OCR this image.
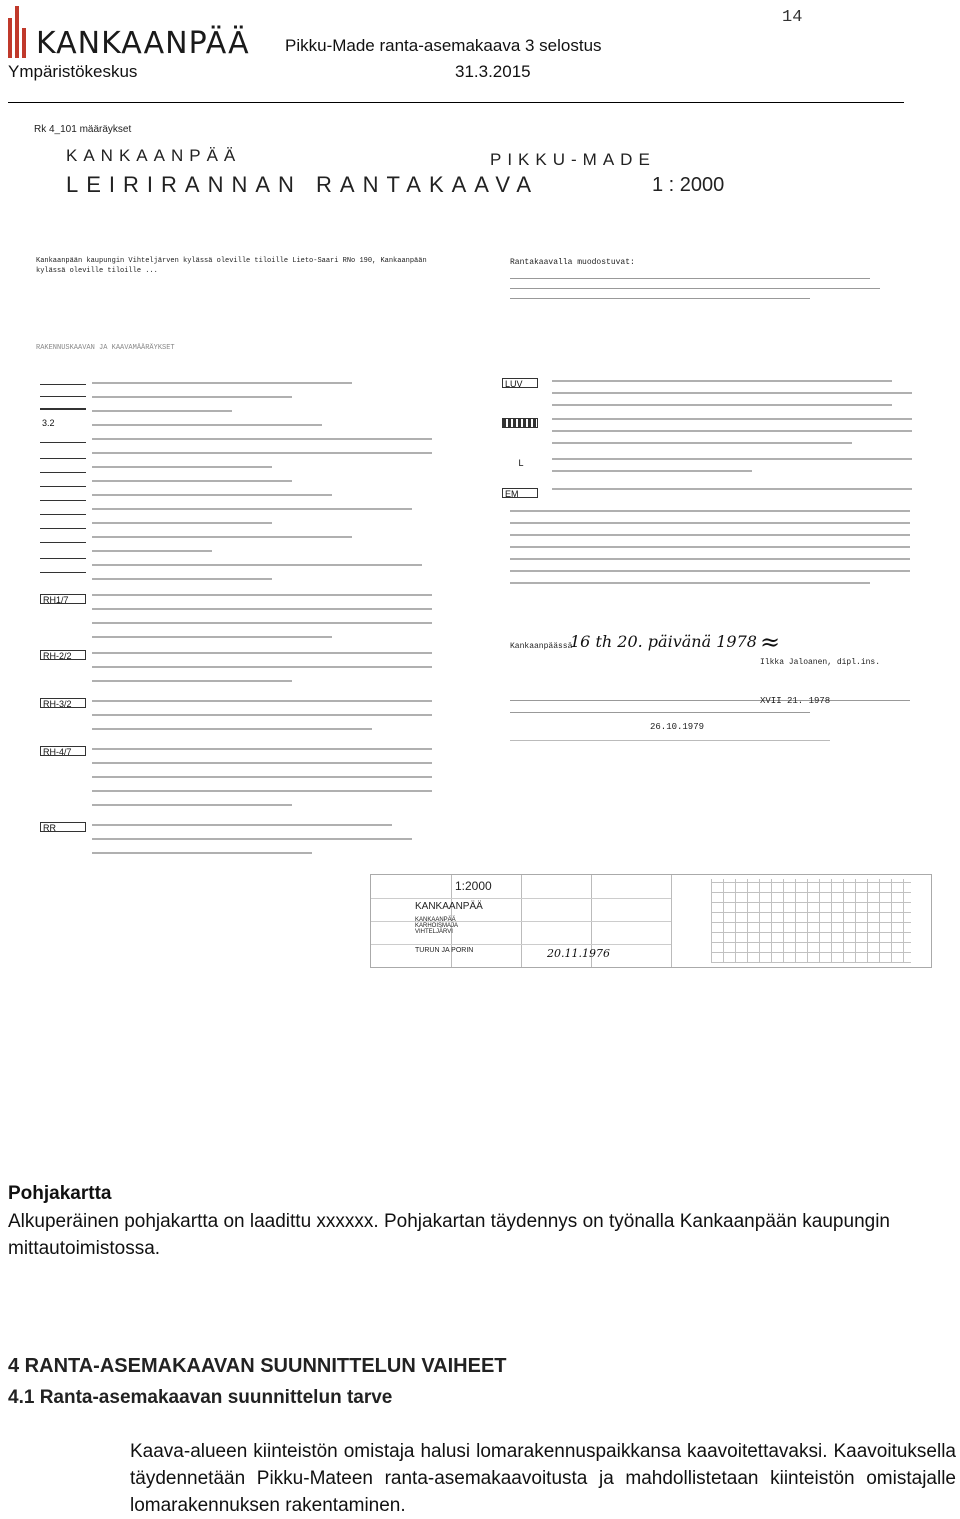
KANKAANPÄÄ
Ympäristökeskus
Pikku-Made ranta-asemakaava 3 selostus
31.3.2015
14
Rk 4_101 määräykset
KANKAANPÄÄ	PIKKU-MADE
LEIRIRANNAN RANTAKAAVA	1 : 2000
Kankaanpään kaupungin Vihteljärven kylässä oleville tiloille Lieto-Saari RNo 190, Kankaanpään kylässä oleville tiloille ...
Rantakaavalla muodostuvat:
RAKENNUSKAAVAN JA KAAVAMÄÄRÄYKSET
3.2
RH1/7
RH-2/2
RH-3/2
RH-4/7
RR
LUV
L
EM
Kankaanpäässä
16 th 20. päivänä 1978 ≈
Ilkka Jaloanen, dipl.ins.
XVII 21. 1978
26.10.1979
1:2000
KANKAANPÄÄ
KANKAANPÄÄ KARHOISMAJA VIHTELJÄRVI
TURUN JA PORIN	20.11.1976
Pohjakartta
Alkuperäinen pohjakartta on laadittu xxxxxx. Pohjakartan täydennys on työnalla Kankaanpään kaupungin mittautoimistossa.
4 RANTA-ASEMAKAAVAN SUUNNITTELUN VAIHEET
4.1 Ranta-asemakaavan suunnittelun tarve
Kaava-alueen kiinteistön omistaja halusi lomarakennuspaikkansa kaavoitettavaksi. Kaavoituksella täydennetään Pikku-Mateen ranta-asemakaavoitusta ja mahdollistetaan kiinteistön omistajalle lomarakennuksen rakentaminen.
